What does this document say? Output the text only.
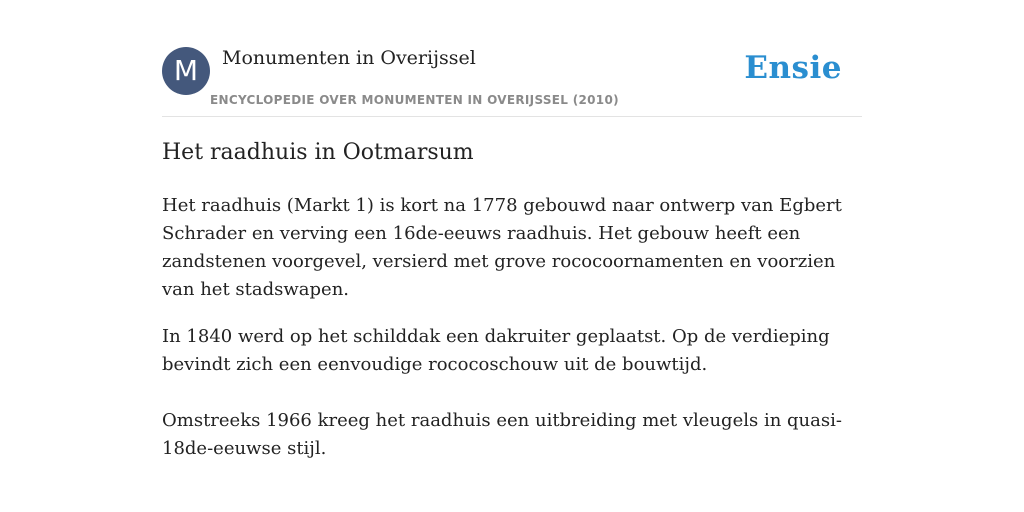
M	Monumenten in Overijssel
ENCYCLOPEDIE OVER MONUMENTEN IN OVERIJSSEL (2010)
Ensie
Het raadhuis in Ootmarsum

Het raadhuis (Markt 1) is kort na 1778 gebouwd naar ontwerp van Egbert Schrader en verving een 16de-eeuws raadhuis. Het gebouw heeft een zandstenen voorgevel, versierd met grove rococoornamenten en voorzien van het stadswapen.

In 1840 werd op het schilddak een dakruiter geplaatst. Op de verdieping bevindt zich een eenvoudige rococoschouw uit de bouwtijd.

Omstreeks 1966 kreeg het raadhuis een uitbreiding met vleugels in quasi-18de-eeuwse stijl.
